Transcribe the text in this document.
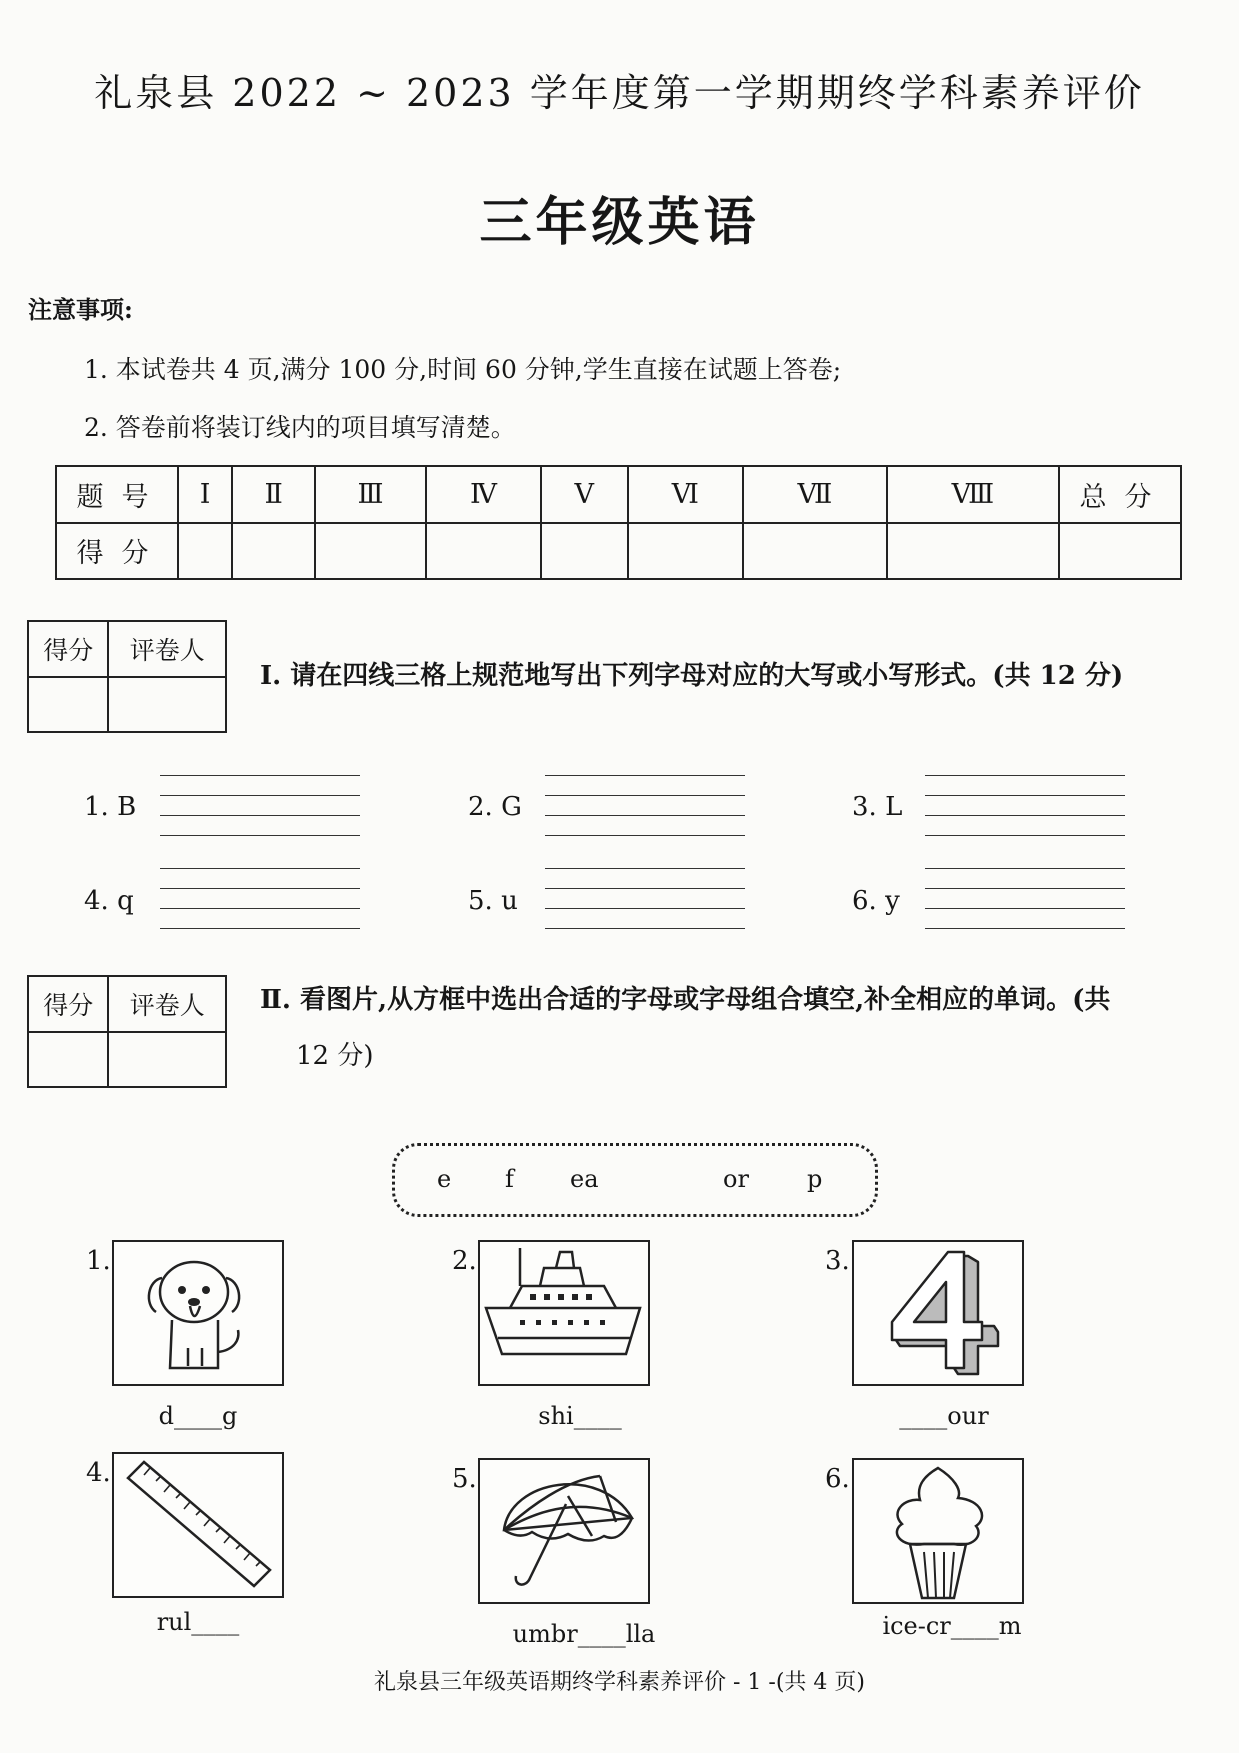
礼泉县 2022 ~ 2023 学年度第一学期期终学科素养评价
三年级英语
注意事项:
1. 本试卷共 4 页,满分 100 分,时间 60 分钟,学生直接在试题上答卷;
2. 答卷前将装订线内的项目填写清楚。
题号	Ⅰ	Ⅱ	Ⅲ	Ⅳ	Ⅴ	Ⅵ	Ⅶ	Ⅷ	总分
得分									
得分	评卷人

Ⅰ. 请在四线三格上规范地写出下列字母对应的大写或小写形式。(共 12 分)
1. B	2. G	3. L
4. q	5. u	6. y
得分	评卷人
	Ⅱ. 看图片,从方框中选出合适的字母或字母组合填空,补全相应的单词。(共
12 分)
e f ea	or p
1.
d____g
2.
shi____
3.
____our
4.
rul____
5.
umbr____lla
6.
ice-cr____m
礼泉县三年级英语期终学科素养评价 - 1 -(共 4 页)
